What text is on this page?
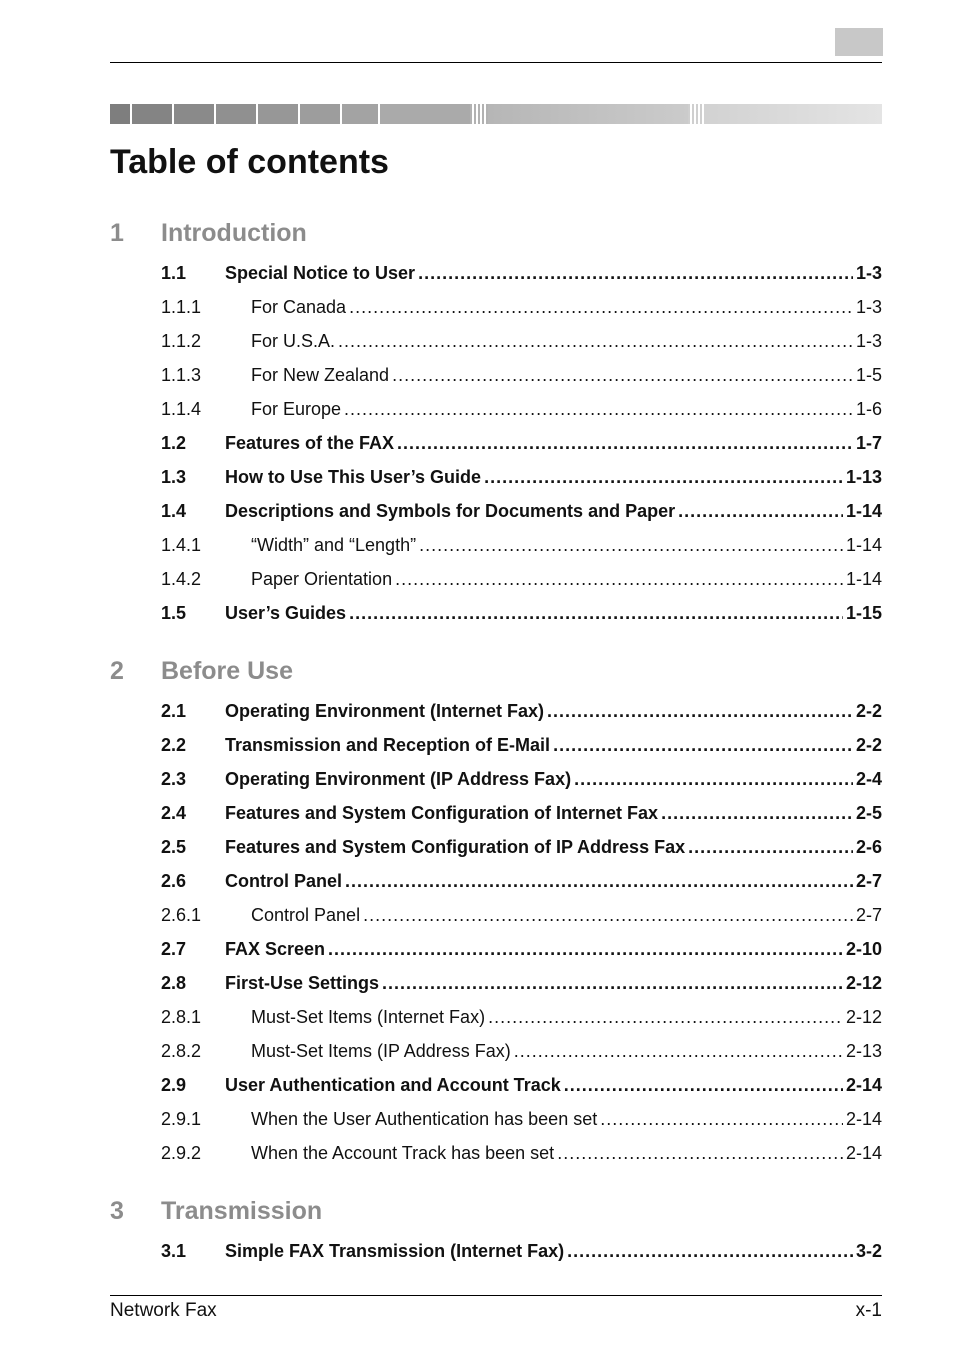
Table of contents
1	Introduction
1.1	Special Notice to User .....	1-3
1.1.1	For Canada .....	1-3
1.1.2	For U.S.A. .....	1-3
1.1.3	For New Zealand .....	1-5
1.1.4	For Europe .....	1-6
1.2	Features of the FAX .....	1-7
1.3	How to Use This User’s Guide .....	1-13
1.4	Descriptions and Symbols for Documents and Paper .....	1-14
1.4.1	“Width” and “Length” .....	1-14
1.4.2	Paper Orientation .....	1-14
1.5	User’s Guides .....	1-15
2	Before Use
2.1	Operating Environment (Internet Fax) .....	2-2
2.2	Transmission and Reception of E-Mail .....	2-2
2.3	Operating Environment (IP Address Fax) .....	2-4
2.4	Features and System Configuration of Internet Fax .....	2-5
2.5	Features and System Configuration of IP Address Fax .....	2-6
2.6	Control Panel .....	2-7
2.6.1	Control Panel .....	2-7
2.7	FAX Screen .....	2-10
2.8	First-Use Settings .....	2-12
2.8.1	Must-Set Items (Internet Fax) .....	2-12
2.8.2	Must-Set Items (IP Address Fax) .....	2-13
2.9	User Authentication and Account Track .....	2-14
2.9.1	When the User Authentication has been set .....	2-14
2.9.2	When the Account Track has been set .....	2-14
3	Transmission
3.1	Simple FAX Transmission (Internet Fax) .....	3-2
Network Fax	x-1
